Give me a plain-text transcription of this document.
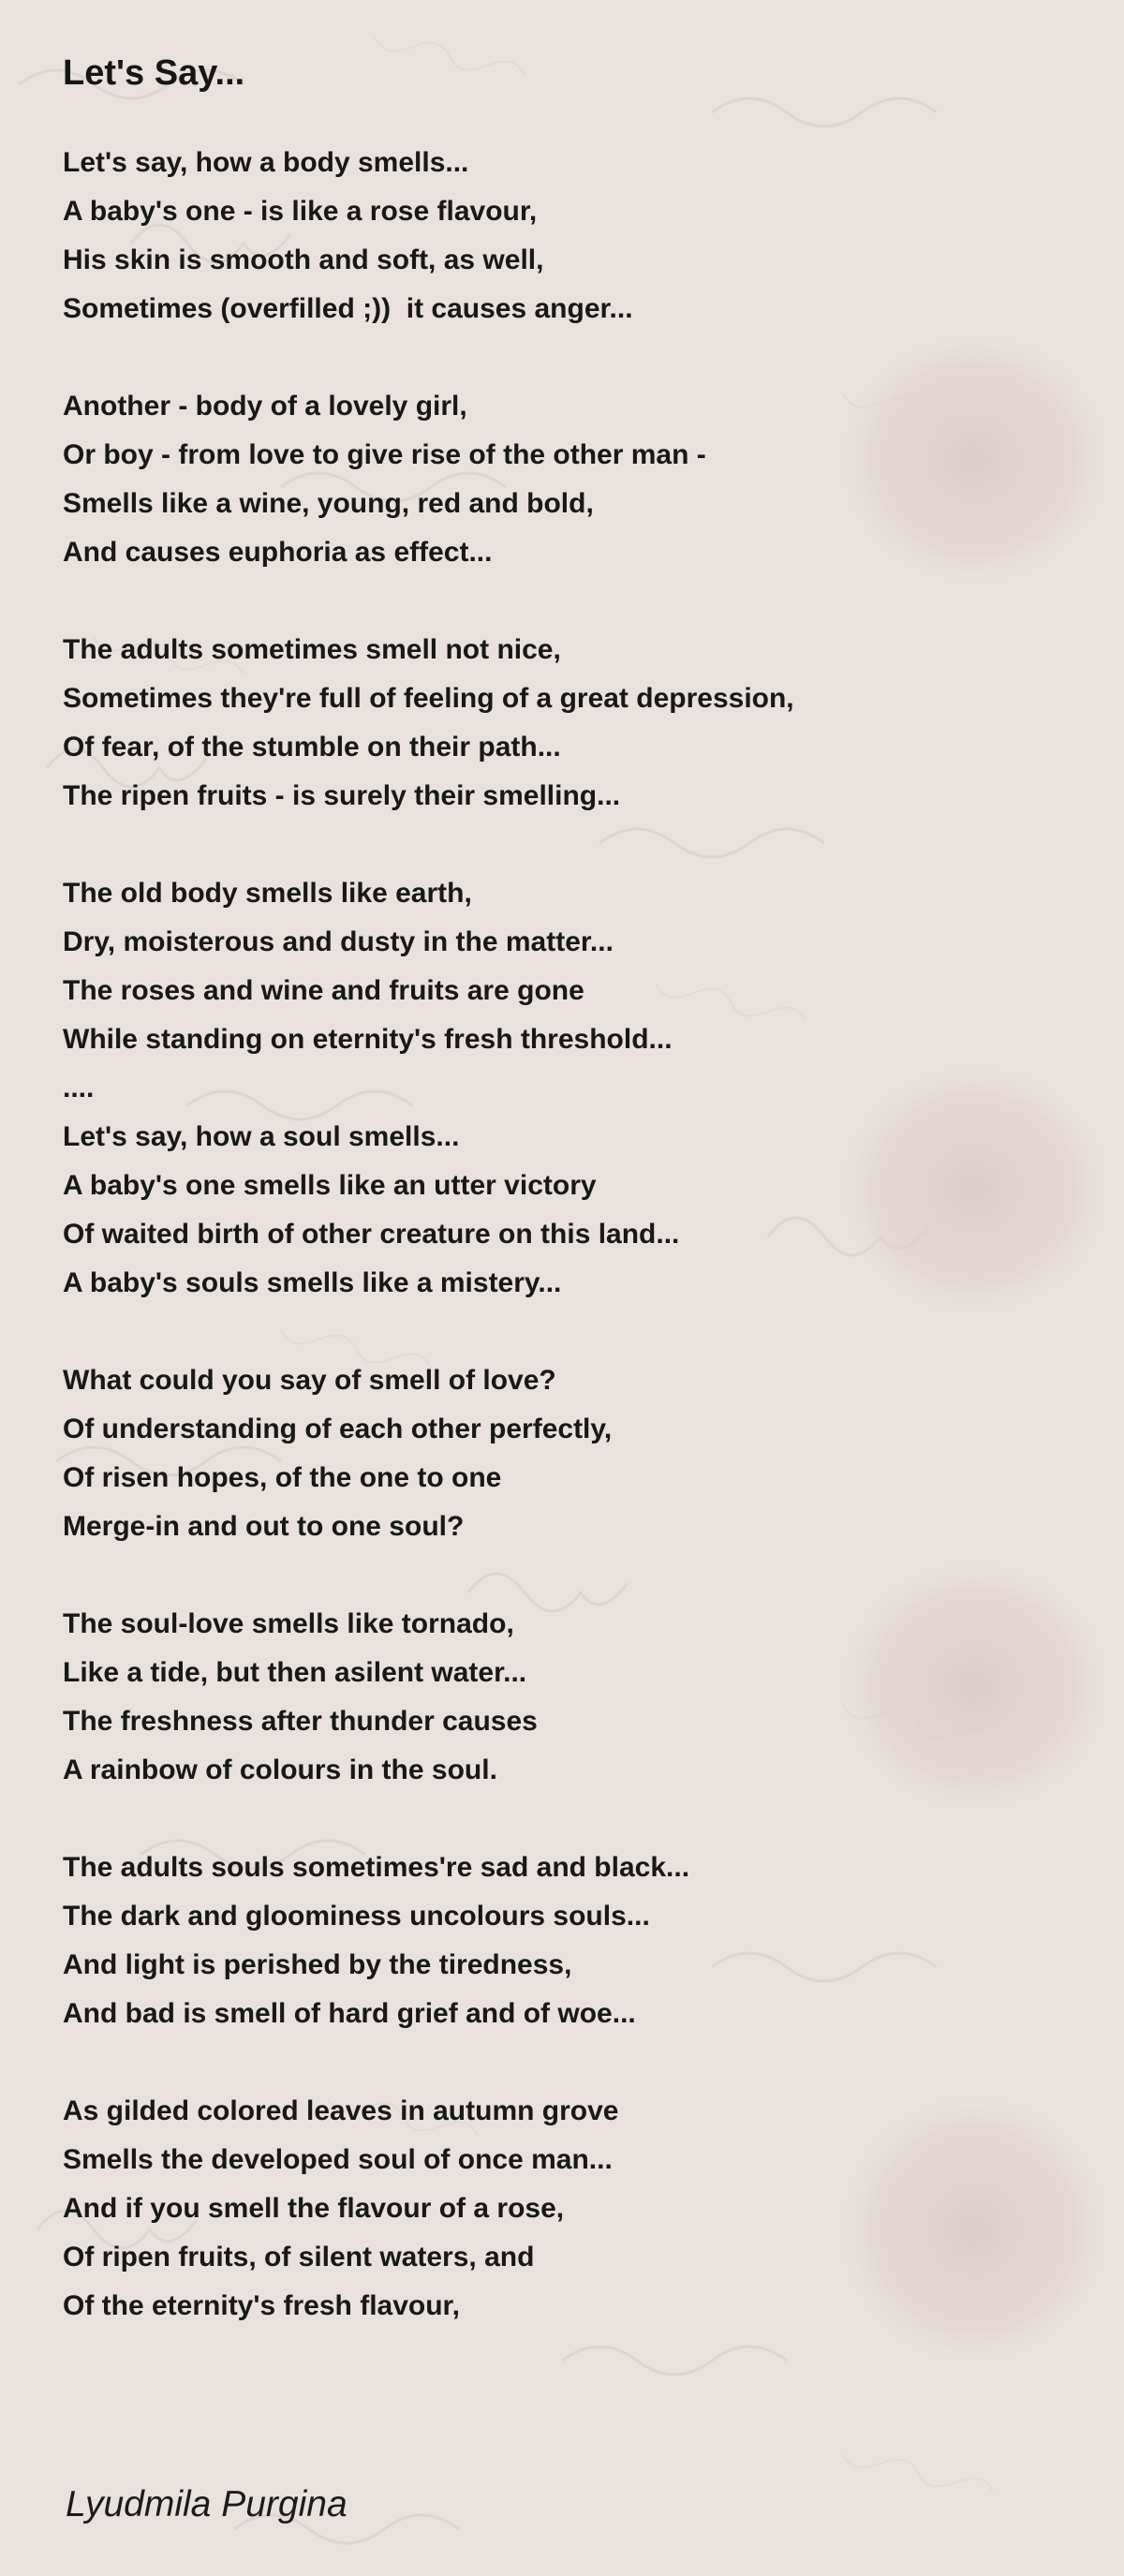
Let's Say...
Let's say, how a body smells...
A baby's one - is like a rose flavour,
His skin is smooth and soft, as well,
Sometimes (overfilled ;))  it causes anger...
Another - body of a lovely girl,
Or boy - from love to give rise of the other man -
Smells like a wine, young, red and bold,
And causes euphoria as effect...
The adults sometimes smell not nice,
Sometimes they're full of feeling of a great depression,
Of fear, of the stumble on their path...
The ripen fruits - is surely their smelling...
The old body smells like earth,
Dry, moisterous and dusty in the matter...
The roses and wine and fruits are gone
While standing on eternity's fresh threshold...
....
Let's say, how a soul smells...
A baby's one smells like an utter victory
Of waited birth of other creature on this land...
A baby's souls smells like a mistery...
What could you say of smell of love?
Of understanding of each other perfectly,
Of risen hopes, of the one to one
Merge-in and out to one soul?
The soul-love smells like tornado,
Like a tide, but then asilent water...
The freshness after thunder causes
A rainbow of colours in the soul.
The adults souls sometimes're sad and black...
The dark and gloominess uncolours souls...
And light is perished by the tiredness,
And bad is smell of hard grief and of woe...
As gilded colored leaves in autumn grove
Smells the developed soul of once man...
And if you smell the flavour of a rose,
Of ripen fruits, of silent waters, and
Of the eternity's fresh flavour,

Lyudmila Purgina
